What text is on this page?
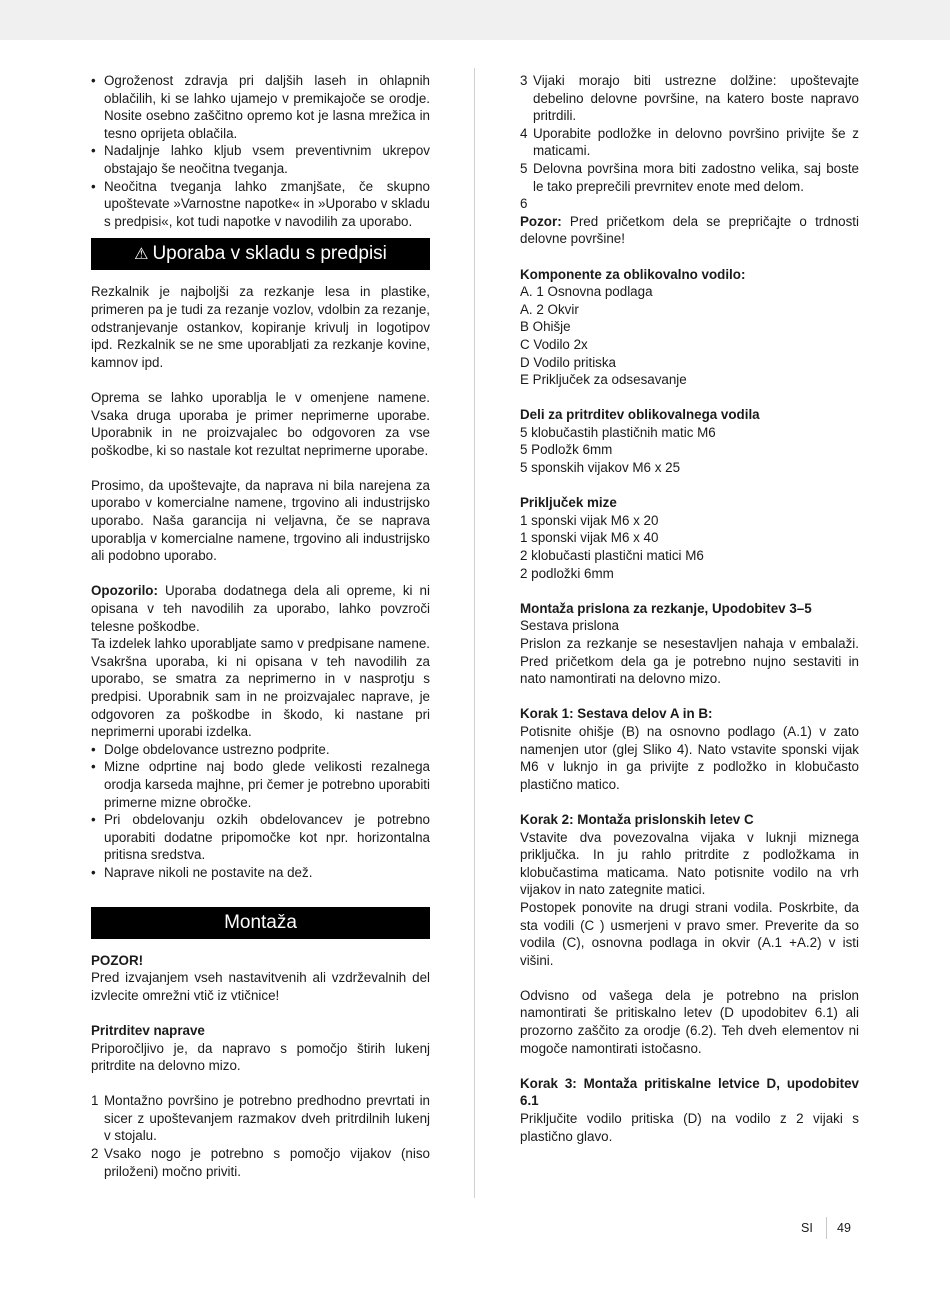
• Ogroženost zdravja pri daljših laseh in ohlapnih oblačilih, ki se lahko ujamejo v premikajoče se orodje. Nosite osebno zaščitno opremo kot je lasna mrežica in tesno oprijeta oblačila.
• Nadaljnje lahko kljub vsem preventivnim ukrepov obstajajo še neočitna tveganja.
• Neočitna tveganja lahko zmanjšate, če skupno upoštevate »Varnostne napotke« in »Uporabo v skladu s predpisi«, kot tudi napotke v navodilih za uporabo.
⚠ Uporaba v skladu s predpisi

Rezkalnik je najboljši za rezkanje lesa in plastike, primeren pa je tudi za rezanje vozlov, vdolbin za rezanje, odstranjevanje ostankov, kopiranje krivulj in logotipov ipd. Rezkalnik se ne sme uporabljati za rezkanje kovine, kamnov ipd.

Oprema se lahko uporablja le v omenjene namene. Vsaka druga uporaba je primer neprimerne uporabe. Uporabnik in ne proizvajalec bo odgovoren za vse poškodbe, ki so nastale kot rezultat neprimerne uporabe.

Prosimo, da upoštevajte, da naprava ni bila narejena za uporabo v komercialne namene, trgovino ali industrijsko uporabo. Naša garancija ni veljavna, če se naprava uporablja v komercialne namene, trgovino ali industrijsko ali podobno uporabo.

Opozorilo: Uporaba dodatnega dela ali opreme, ki ni opisana v teh navodilih za uporabo, lahko povzroči telesne poškodbe.

Ta izdelek lahko uporabljate samo v predpisane namene. Vsakršna uporaba, ki ni opisana v teh navodilih za uporabo, se smatra za neprimerno in v nasprotju s predpisi. Uporabnik sam in ne proizvajalec naprave, je odgovoren za poškodbe in škodo, ki nastane pri neprimerni uporabi izdelka.

• Dolge obdelovance ustrezno podprite.
• Mizne odprtine naj bodo glede velikosti rezalnega orodja karseda majhne, pri čemer je potrebno uporabiti primerne mizne obročke.
• Pri obdelovanju ozkih obdelovancev je potrebno uporabiti dodatne pripomočke kot npr. horizontalna pritisna sredstva.
• Naprave nikoli ne postavite na dež.
Montaža

POZOR!

Pred izvajanjem vseh nastavitvenih ali vzdrževalnih del izvlecite omrežni vtič iz vtičnice!

Pritrditev naprave

Priporočljivo je, da napravo s pomočjo štirih lukenj pritrdite na delovno mizo.

1 Montažno površino je potrebno predhodno prevrtati in sicer z upoštevanjem razmakov dveh pritrdilnih lukenj v stojalu.
2 Vsako nogo je potrebno s pomočjo vijakov (niso priloženi) močno priviti.
3 Vijaki morajo biti ustrezne dolžine: upoštevajte debelino delovne površine, na katero boste napravo pritrdili.
4 Uporabite podložke in delovno površino privijte še z maticami.
5 Delovna površina mora biti zadostno velika, saj boste le tako preprečili prevrnitev enote med delom.

6

Pozor: Pred pričetkom dela se prepričajte o trdnosti delovne površine!

Komponente za oblikovalno vodilo:

A. 1 Osnovna podlaga

A. 2 Okvir

B Ohišje

C Vodilo 2x

D Vodilo pritiska

E Priključek za odsesavanje

Deli za pritrditev oblikovalnega vodila

5 klobučastih plastičnih matic M6

5 Podložk 6mm

5 sponskih vijakov M6 x 25

Priključek mize

1 sponski vijak M6 x 20

1 sponski vijak M6 x 40

2 klobučasti plastični matici M6

2 podložki 6mm

Montaža prislona za rezkanje, Upodobitev 3–5

Sestava prislona

Prislon za rezkanje se nesestavljen nahaja v embalaži. Pred pričetkom dela ga je potrebno nujno sestaviti in nato namontirati na delovno mizo.

Korak 1: Sestava delov A in B:

Potisnite ohišje (B) na osnovno podlago (A.1) v zato namenjen utor (glej Sliko 4). Nato vstavite sponski vijak M6 v luknjo in ga privijte z podložko in klobučasto plastično matico.

Korak 2: Montaža prislonskih letev C

Vstavite dva povezovalna vijaka v luknji miznega priključka. In ju rahlo pritrdite z podložkama in klobučastima maticama. Nato potisnite vodilo na vrh vijakov in nato zategnite matici.

Postopek ponovite na drugi strani vodila. Poskrbite, da sta vodili (C ) usmerjeni v pravo smer. Preverite da so vodila (C), osnovna podlaga in okvir (A.1 +A.2) v isti višini.

Odvisno od vašega dela je potrebno na prislon namontirati še pritiskalno letev (D upodobitev 6.1) ali prozorno zaščito za orodje (6.2). Teh dveh elementov ni mogoče namontirati istočasno.

Korak 3: Montaža pritiskalne letvice D, upodobitev 6.1

Priključite vodilo pritiska (D) na vodilo z 2 vijaki s plastično glavo.

SI 49
